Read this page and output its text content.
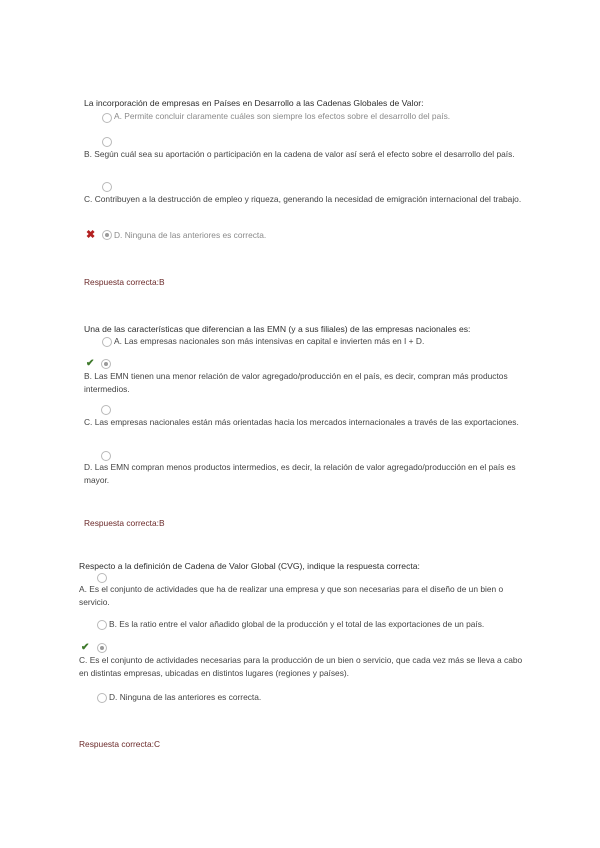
La incorporación de empresas en Países en Desarrollo a las Cadenas Globales de Valor:
A. Permite concluir claramente cuáles son siempre los efectos sobre el desarrollo del país.
B. Según cuál sea su aportación o participación en la cadena de valor así será el efecto sobre el desarrollo del país.
C. Contribuyen a la destrucción de empleo y riqueza, generando la necesidad de emigración internacional del trabajo.
✖ D. Ninguna de las anteriores es correcta.
Respuesta correcta:B
Una de las características que diferencian a las EMN (y a sus filiales) de las empresas nacionales es:
A. Las empresas nacionales son más intensivas en capital e invierten más en I + D.
✔
B. Las EMN tienen una menor relación de valor agregado/producción en el país, es decir, compran más productos intermedios.
C. Las empresas nacionales están más orientadas hacia los mercados internacionales a través de las exportaciones.
D. Las EMN compran menos productos intermedios, es decir, la relación de valor agregado/producción en el país es mayor.
Respuesta correcta:B
Respecto a la definición de Cadena de Valor Global (CVG), indique la respuesta correcta:
A. Es el conjunto de actividades que ha de realizar una empresa y que son necesarias para el diseño de un bien o servicio.
B. Es la ratio entre el valor añadido global de la producción y el total de las exportaciones de un país.
✔
C. Es el conjunto de actividades necesarias para la producción de un bien o servicio, que cada vez más se lleva a cabo en distintas empresas, ubicadas en distintos lugares (regiones y países).
D. Ninguna de las anteriores es correcta.
Respuesta correcta:C
